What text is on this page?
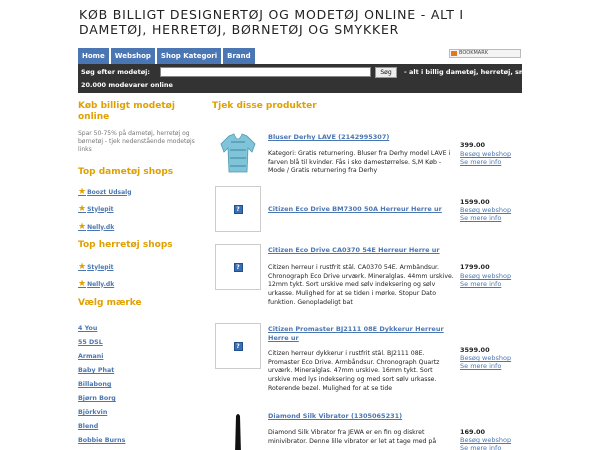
KØB BILLIGT DESIGNERTØJ OG MODETØJ ONLINE - ALT I
DAMETØJ, HERRETØJ, BØRNETØJ OG SMYKKER
Home	Webshop	Shop Kategori	Brand	BOOKMARK
Søg efter modetøj:	Søg	- alt i billig dametøj, herretøj, smykker mv - over
20.000 modevarer online
Køb billigt modetøj online
Spar 50-75% på dametøj, herretøj og børnetøj - tjek nedenstående modetøjs links
Top dametøj shops
★ Boozt Udsalg
★ Stylepit
★ Nelly.dk
Top herretøj shops
★ Stylepit
★ Nelly.dk
Vælg mærke
4 You
55 DSL
Armani
Baby Phat
Billabong
Bjørn Borg
Björkvin
Blend
Bobbie Burns
Tjek disse produkter
Bluser Derhy LAVE (2142995307)
Kategori: Gratis returnering. Bluser fra Derhy model LAVE i farven blå til kvinder. Fås i sko damestørrelse. S,M Køb - Mode / Gratis returnering fra Derhy
399.00
Besøg webshop
Se mere info
?	Citizen Eco Drive BM7300 50A Herreur Herre ur
1599.00
Besøg webshop
Se mere info
?
Citizen Eco Drive CA0370 54E Herreur Herre ur
Citizen herreur i rustfrit stål. CA0370 54E. Armbåndsur. Chronograph Eco Drive urværk. Mineralglas. 44mm urskive. 12mm tykt. Sort urskive med sølv indeksering og sølv urkasse. Mulighed for at se tiden i mørke. Stopur Dato funktion. Genopladeligt bat
1799.00
Besøg webshop
Se mere info
?
Citizen Promaster BJ2111 08E Dykkerur Herreur Herre ur
Citizen herreur dykkerur i rustfrit stål. BJ2111 08E. Promaster Eco Drive. Armbåndsur. Chronograph Quartz urværk. Mineralglas. 47mm urskive. 16mm tykt. Sort urskive med lys indeksering og med sort sølv urkasse. Roterende bezel. Mulighed for at se tide
3599.00
Besøg webshop
Se mere info
Diamond Silk Vibrator (1305065231)
Diamond Silk Vibrator fra JEWA er en fin og diskret minivibrator. Denne lille vibrator er let at tage med på
169.00
Besøg webshop
Se mere info
